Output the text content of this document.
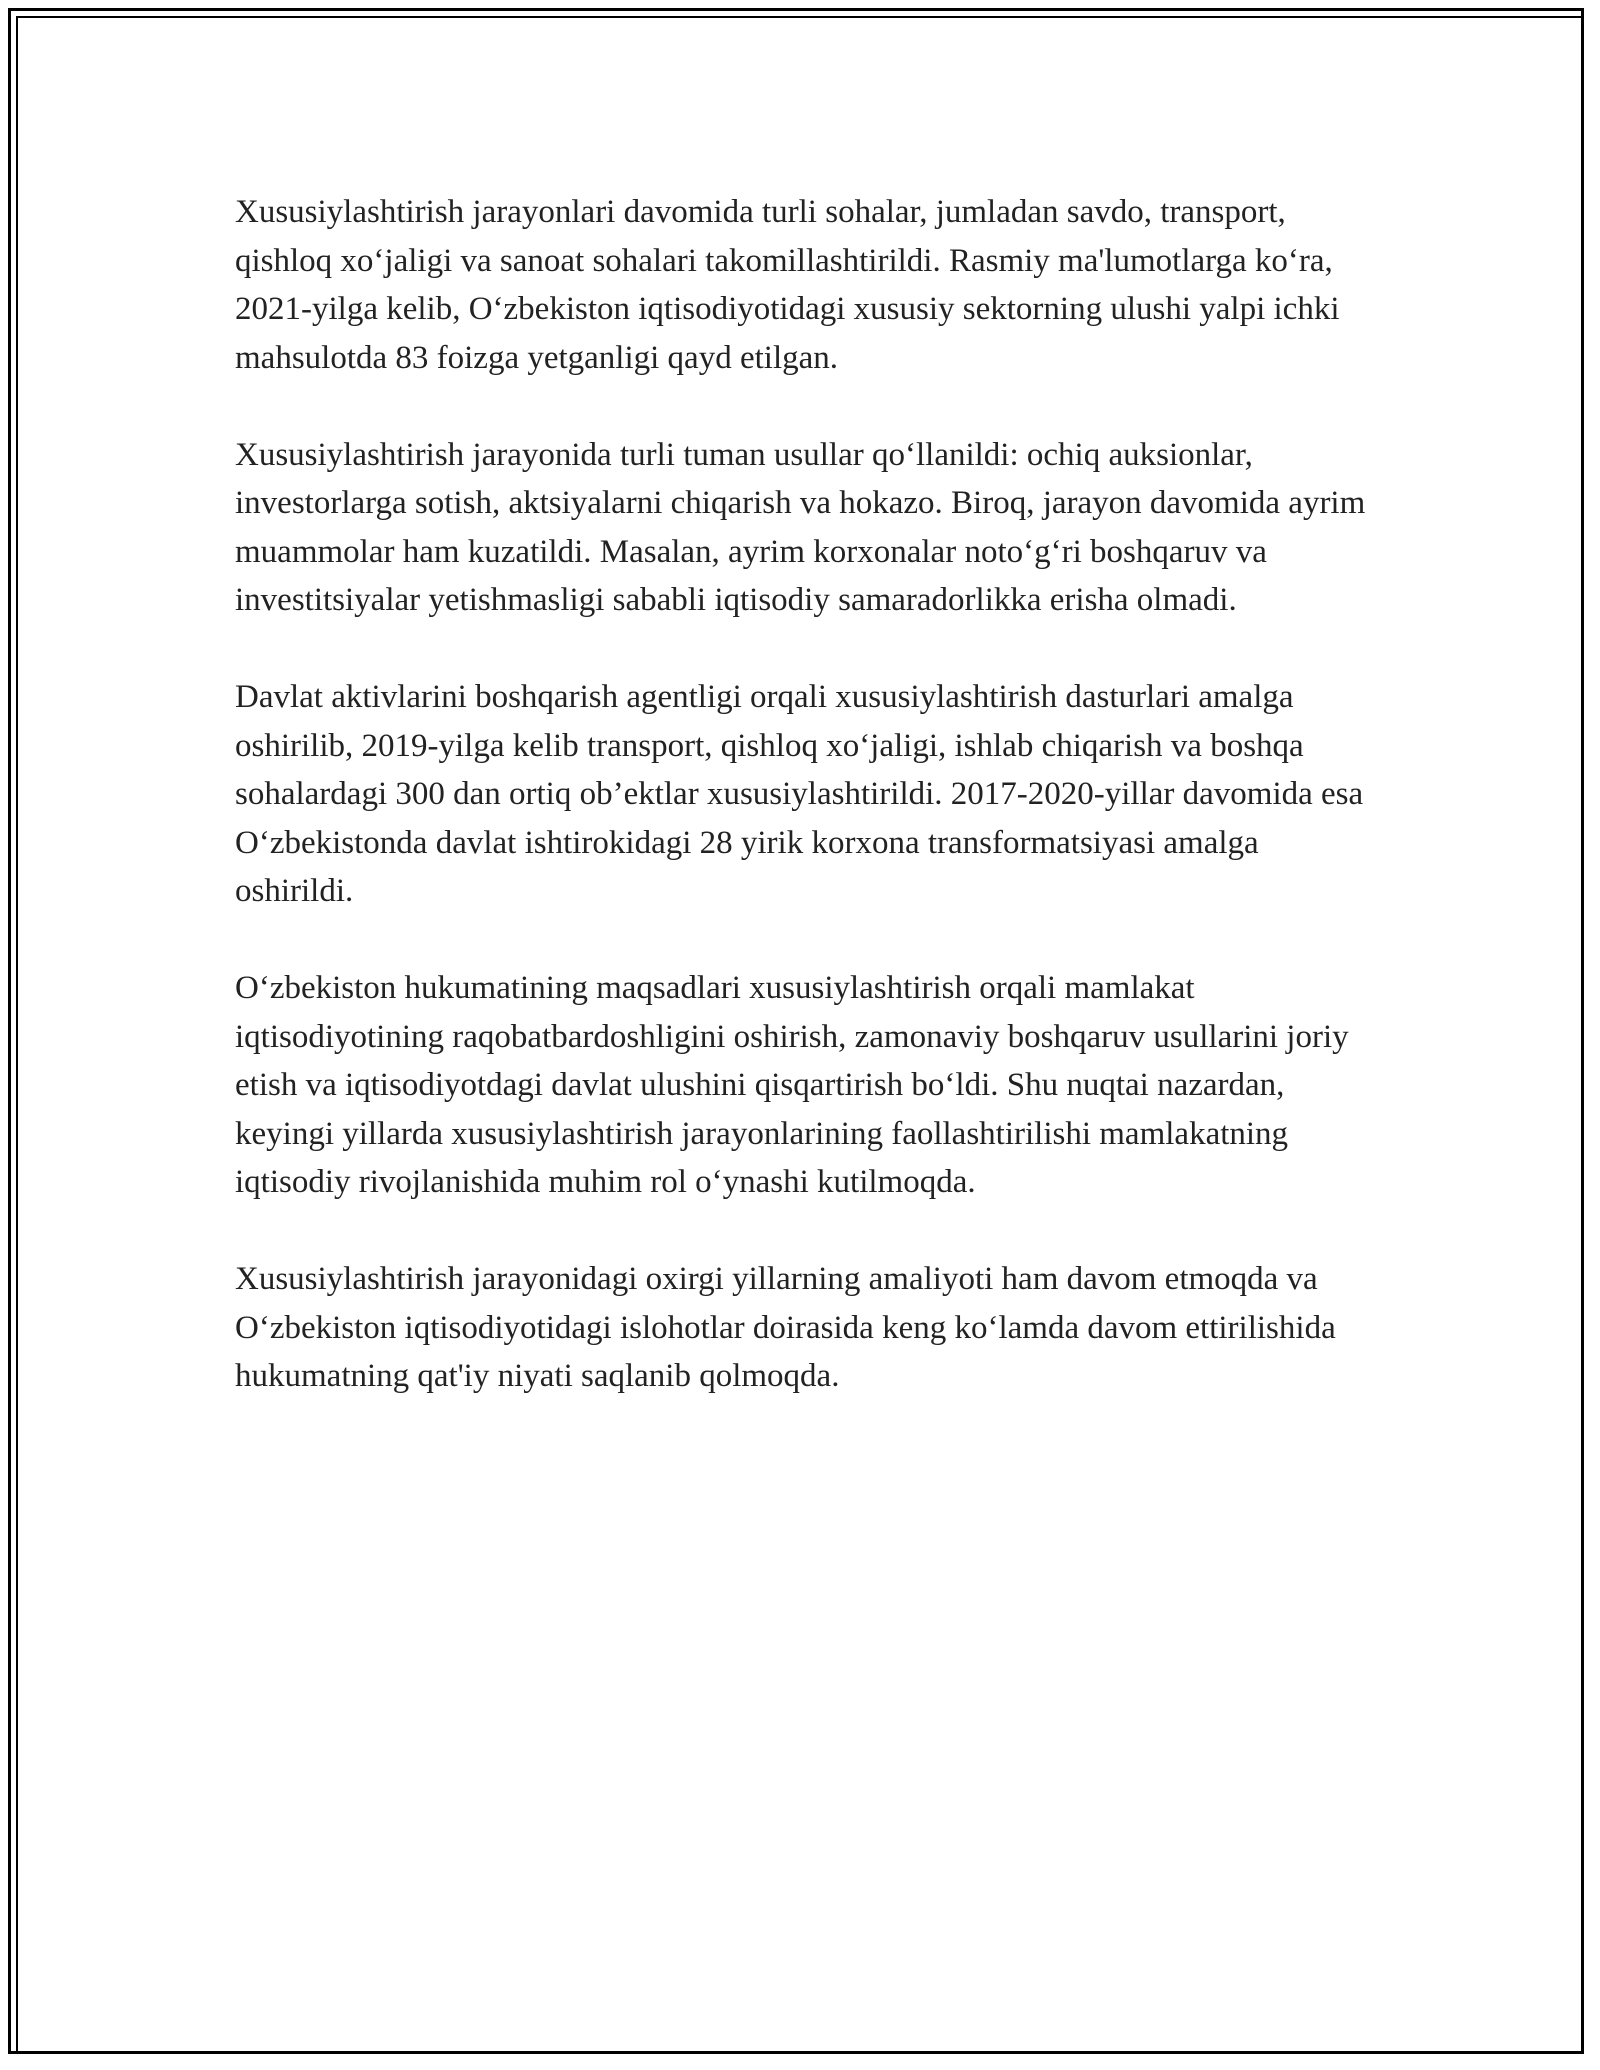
Xususiylashtirish jarayonlari davomida turli sohalar, jumladan savdo, transport, qishloq xo‘jaligi va sanoat sohalari takomillashtirildi. Rasmiy ma'lumotlarga ko‘ra, 2021-yilga kelib, O‘zbekiston iqtisodiyotidagi xususiy sektorning ulushi yalpi ichki mahsulotda 83 foizga yetganligi qayd etilgan.

Xususiylashtirish jarayonida turli tuman usullar qo‘llanildi: ochiq auksionlar, investorlarga sotish, aktsiyalarni chiqarish va hokazo. Biroq, jarayon davomida ayrim muammolar ham kuzatildi. Masalan, ayrim korxonalar noto‘g‘ri boshqaruv va investitsiyalar yetishmasligi sababli iqtisodiy samaradorlikka erisha olmadi.

Davlat aktivlarini boshqarish agentligi orqali xususiylashtirish dasturlari amalga oshirilib, 2019-yilga kelib transport, qishloq xo‘jaligi, ishlab chiqarish va boshqa sohalardagi 300 dan ortiq ob’ektlar xususiylashtirildi. 2017-2020-yillar davomida esa O‘zbekistonda davlat ishtirokidagi 28 yirik korxona transformatsiyasi amalga oshirildi.

O‘zbekiston hukumatining maqsadlari xususiylashtirish orqali mamlakat iqtisodiyotining raqobatbardoshligini oshirish, zamonaviy boshqaruv usullarini joriy etish va iqtisodiyotdagi davlat ulushini qisqartirish bo‘ldi. Shu nuqtai nazardan, keyingi yillarda xususiylashtirish jarayonlarining faollashtirilishi mamlakatning iqtisodiy rivojlanishida muhim rol o‘ynashi kutilmoqda.

Xususiylashtirish jarayonidagi oxirgi yillarning amaliyoti ham davom etmoqda va O‘zbekiston iqtisodiyotidagi islohotlar doirasida keng ko‘lamda davom ettirilishida hukumatning qat'iy niyati saqlanib qolmoqda.
